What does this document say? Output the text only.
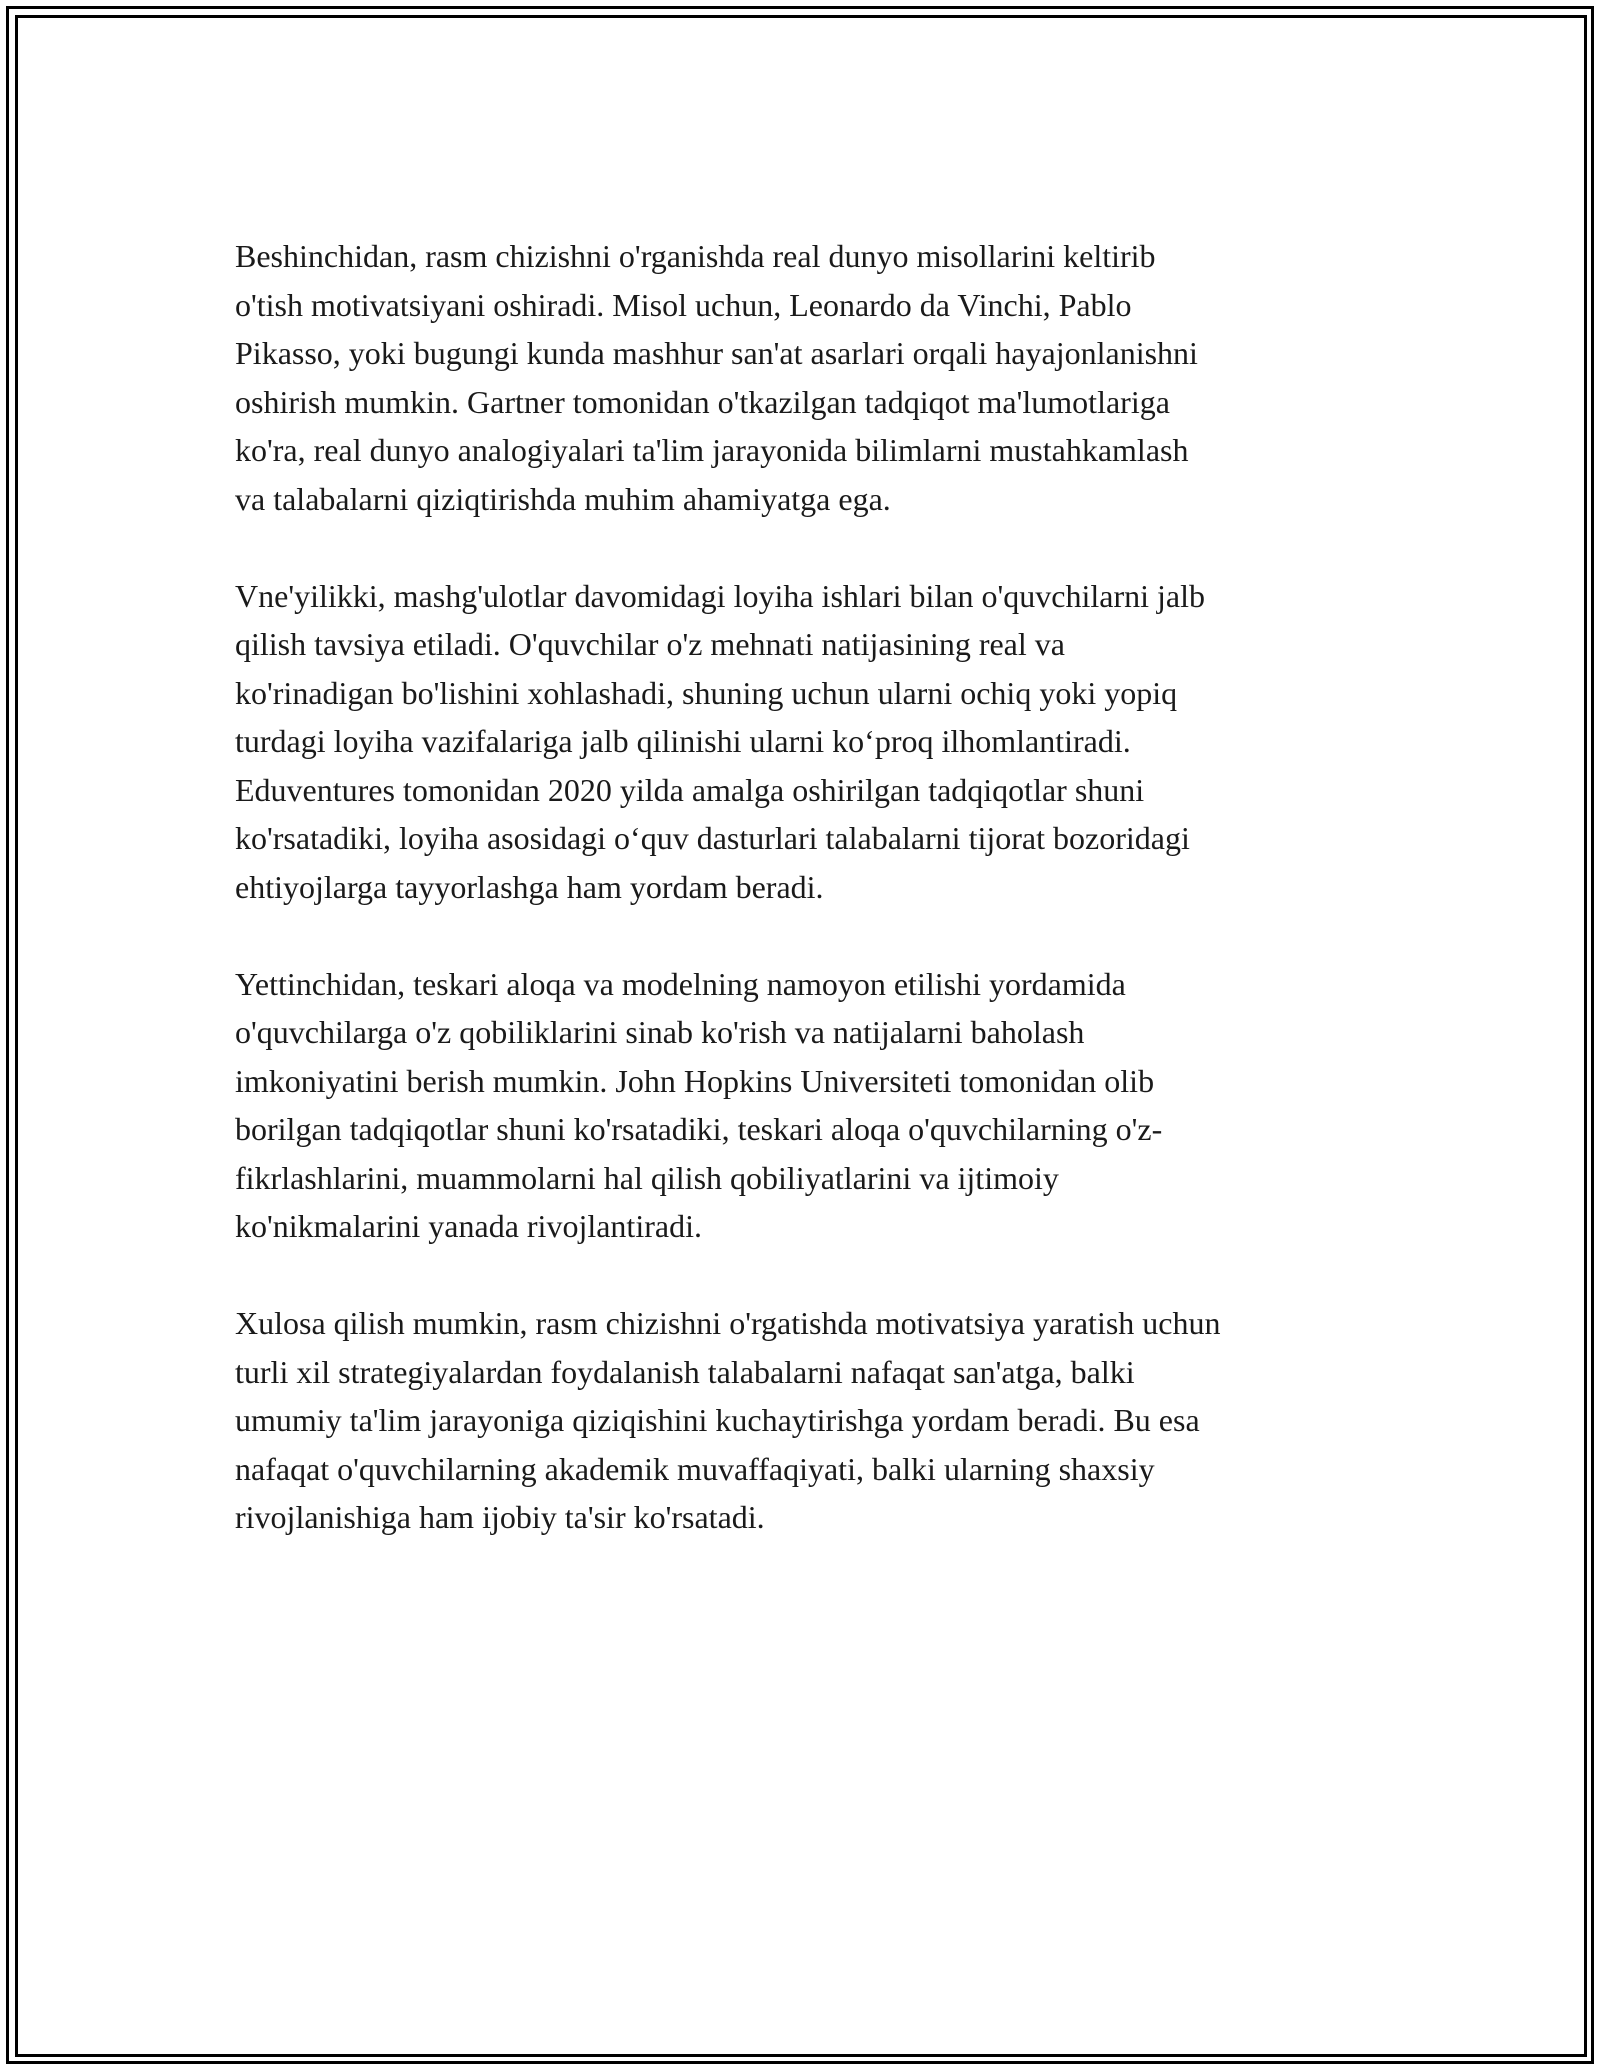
Beshinchidan, rasm chizishni o'rganishda real dunyo misollarini keltirib
o'tish motivatsiyani oshiradi. Misol uchun, Leonardo da Vinchi, Pablo
Pikasso, yoki bugungi kunda mashhur san'at asarlari orqali hayajonlanishni
oshirish mumkin. Gartner tomonidan o'tkazilgan tadqiqot ma'lumotlariga
ko'ra, real dunyo analogiyalari ta'lim jarayonida bilimlarni mustahkamlash
va talabalarni qiziqtirishda muhim ahamiyatga ega.

Vne'yilikki, mashg'ulotlar davomidagi loyiha ishlari bilan o'quvchilarni jalb
qilish tavsiya etiladi. O'quvchilar o'z mehnati natijasining real va
ko'rinadigan bo'lishini xohlashadi, shuning uchun ularni ochiq yoki yopiq
turdagi loyiha vazifalariga jalb qilinishi ularni ko‘proq ilhomlantiradi.
Eduventures tomonidan 2020 yilda amalga oshirilgan tadqiqotlar shuni
ko'rsatadiki, loyiha asosidagi o‘quv dasturlari talabalarni tijorat bozoridagi
ehtiyojlarga tayyorlashga ham yordam beradi.

Yettinchidan, teskari aloqa va modelning namoyon etilishi yordamida
o'quvchilarga o'z qobiliklarini sinab ko'rish va natijalarni baholash
imkoniyatini berish mumkin. John Hopkins Universiteti tomonidan olib
borilgan tadqiqotlar shuni ko'rsatadiki, teskari aloqa o'quvchilarning o'z-
fikrlashlarini, muammolarni hal qilish qobiliyatlarini va ijtimoiy
ko'nikmalarini yanada rivojlantiradi.

Xulosa qilish mumkin, rasm chizishni o'rgatishda motivatsiya yaratish uchun
turli xil strategiyalardan foydalanish talabalarni nafaqat san'atga, balki
umumiy ta'lim jarayoniga qiziqishini kuchaytirishga yordam beradi. Bu esa
nafaqat o'quvchilarning akademik muvaffaqiyati, balki ularning shaxsiy
rivojlanishiga ham ijobiy ta'sir ko'rsatadi.
